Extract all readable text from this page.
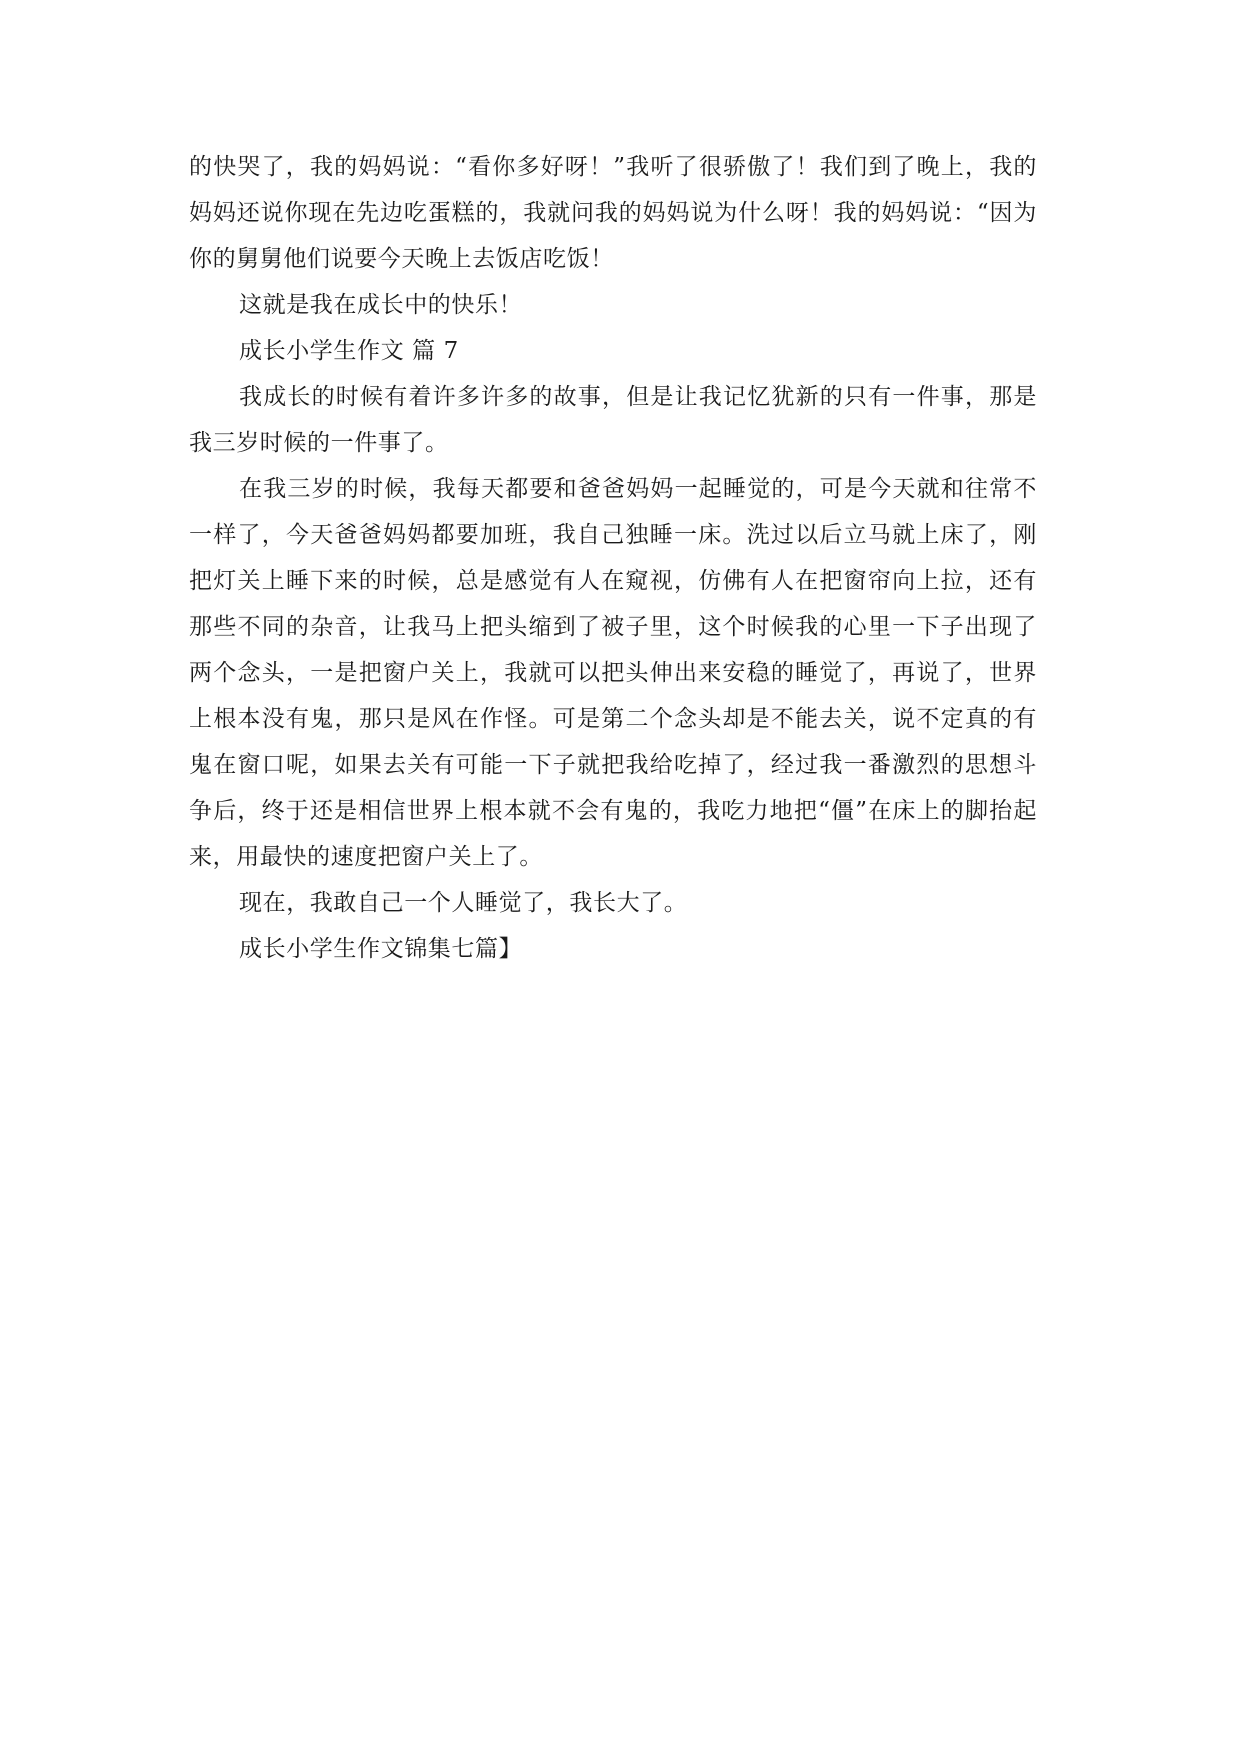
的快哭了，我的妈妈说：“看你多好呀！”我听了很骄傲了！我们到了晚上，我的妈妈还说你现在先边吃蛋糕的，我就问我的妈妈说为什么呀！我的妈妈说：“因为你的舅舅他们说要今天晚上去饭店吃饭！

这就是我在成长中的快乐！

成长小学生作文 篇 7

我成长的时候有着许多许多的故事，但是让我记忆犹新的只有一件事，那是我三岁时候的一件事了。

在我三岁的时候，我每天都要和爸爸妈妈一起睡觉的，可是今天就和往常不一样了，今天爸爸妈妈都要加班，我自己独睡一床。洗过以后立马就上床了，刚把灯关上睡下来的时候，总是感觉有人在窥视，仿佛有人在把窗帘向上拉，还有那些不同的杂音，让我马上把头缩到了被子里，这个时候我的心里一下子出现了两个念头，一是把窗户关上，我就可以把头伸出来安稳的睡觉了，再说了，世界上根本没有鬼，那只是风在作怪。可是第二个念头却是不能去关，说不定真的有鬼在窗口呢，如果去关有可能一下子就把我给吃掉了，经过我一番激烈的思想斗争后，终于还是相信世界上根本就不会有鬼的，我吃力地把“僵”在床上的脚抬起来，用最快的速度把窗户关上了。

现在，我敢自己一个人睡觉了，我长大了。

成长小学生作文锦集七篇】
